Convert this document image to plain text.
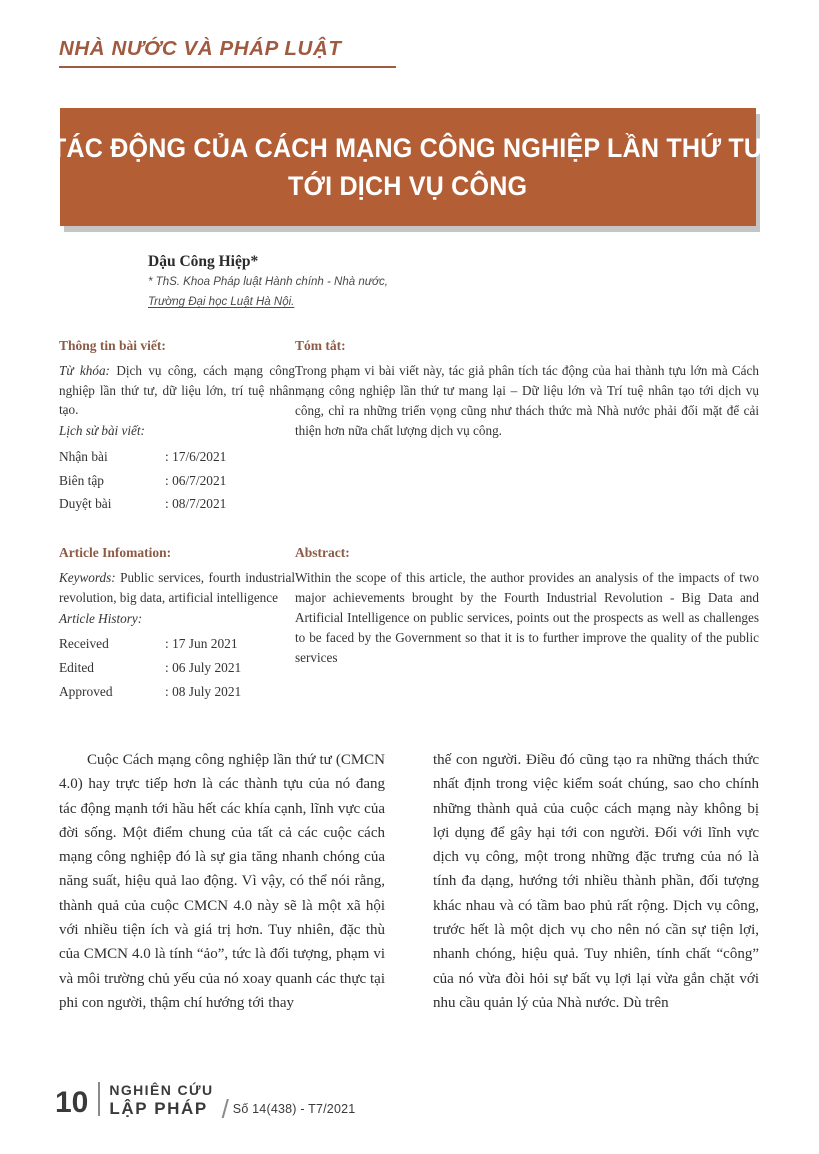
NHÀ NƯỚC VÀ PHÁP LUẬT
TÁC ĐỘNG CỦA CÁCH MẠNG CÔNG NGHIỆP LẦN THỨ TƯ
TỚI DỊCH VỤ CÔNG
Dậu Công Hiệp*
* ThS. Khoa Pháp luật Hành chính - Nhà nước,
Trường Đại học Luật Hà Nội.
Thông tin bài viết:

Từ khóa: Dịch vụ công, cách mạng công nghiệp lần thứ tư, dữ liệu lớn, trí tuệ nhân tạo.

Lịch sử bài viết:
Nhận bài	: 17/6/2021
Biên tập	: 06/7/2021
Duyệt bài	: 08/7/2021
Tóm tắt:

Trong phạm vi bài viết này, tác giả phân tích tác động của hai thành tựu lớn mà Cách mạng công nghiệp lần thứ tư mang lại – Dữ liệu lớn và Trí tuệ nhân tạo tới dịch vụ công, chỉ ra những triển vọng cũng như thách thức mà Nhà nước phải đối mặt để cải thiện hơn nữa chất lượng dịch vụ công.

Article Infomation:

Keywords: Public services, fourth industrial revolution, big data, artificial intelligence

Article History:
Received	: 17 Jun 2021
Edited	: 06 July 2021
Approved	: 08 July 2021
Abstract:

Within the scope of this article, the author provides an analysis of the impacts of two major achievements brought by the Fourth Industrial Revolution - Big Data and Artificial Intelligence on public services, points out the prospects as well as challenges to be faced by the Government so that it is to further improve the quality of the public services

Cuộc Cách mạng công nghiệp lần thứ tư (CMCN 4.0) hay trực tiếp hơn là các thành tựu của nó đang tác động mạnh tới hầu hết các khía cạnh, lĩnh vực của đời sống. Một điểm chung của tất cả các cuộc cách mạng công nghiệp đó là sự gia tăng nhanh chóng của năng suất, hiệu quả lao động. Vì vậy, có thể nói rằng, thành quả của cuộc CMCN 4.0 này sẽ là một xã hội với nhiều tiện ích và giá trị hơn. Tuy nhiên, đặc thù của CMCN 4.0 là tính “ảo”, tức là đối tượng, phạm vi và môi trường chủ yếu của nó xoay quanh các thực tại phi con người, thậm chí hướng tới thay

thế con người. Điều đó cũng tạo ra những thách thức nhất định trong việc kiểm soát chúng, sao cho chính những thành quả của cuộc cách mạng này không bị lợi dụng để gây hại tới con người. Đối với lĩnh vực dịch vụ công, một trong những đặc trưng của nó là tính đa dạng, hướng tới nhiều thành phần, đối tượng khác nhau và có tầm bao phủ rất rộng. Dịch vụ công, trước hết là một dịch vụ cho nên nó cần sự tiện lợi, nhanh chóng, hiệu quả. Tuy nhiên, tính chất “công” của nó vừa đòi hỏi sự bất vụ lợi lại vừa gắn chặt với nhu cầu quản lý của Nhà nước. Dù trên

10 NGHIÊN CỨU
LẬP PHÁP / Số 14(438) - T7/2021
